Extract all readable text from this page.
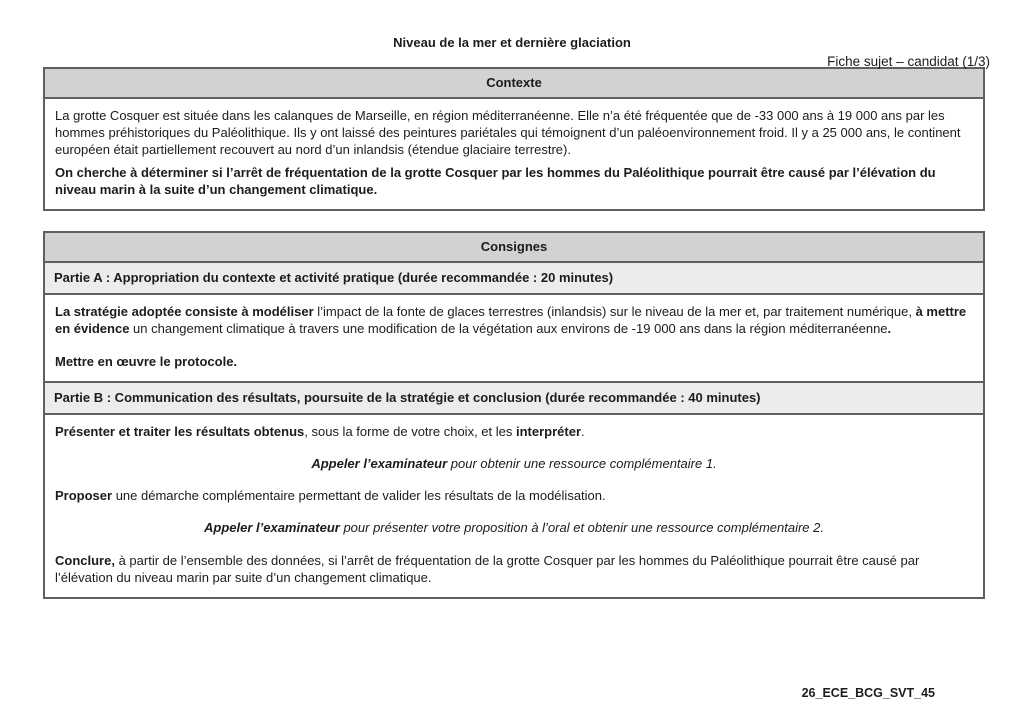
Niveau de la mer et dernière glaciation
Fiche sujet – candidat (1/3)
Contexte

La grotte Cosquer est située dans les calanques de Marseille, en région méditerranéenne. Elle n’a été fréquentée que de -33 000 ans à 19 000 ans par les hommes préhistoriques du Paléolithique. Ils y ont laissé des peintures pariétales qui témoignent d’un paléoenvironnement froid. Il y a 25 000 ans, le continent européen était partiellement recouvert au nord d’un inlandsis (étendue glaciaire terrestre).

On cherche à déterminer si l’arrêt de fréquentation de la grotte Cosquer par les hommes du Paléolithique pourrait être causé par l’élévation du niveau marin à la suite d’un changement climatique.

Consignes
Partie A : Appropriation du contexte et activité pratique (durée recommandée : 20 minutes)

La stratégie adoptée consiste à modéliser l’impact de la fonte de glaces terrestres (inlandsis) sur le niveau de la mer et, par traitement numérique, à mettre en évidence un changement climatique à travers une modification de la végétation aux environs de -19 000 ans dans la région méditerranéenne.

Mettre en œuvre le protocole.

Partie B : Communication des résultats, poursuite de la stratégie et conclusion (durée recommandée : 40 minutes)

Présenter et traiter les résultats obtenus, sous la forme de votre choix, et les interpréter.

Appeler l’examinateur pour obtenir une ressource complémentaire 1.

Proposer une démarche complémentaire permettant de valider les résultats de la modélisation.

Appeler l’examinateur pour présenter votre proposition à l’oral et obtenir une ressource complémentaire 2.

Conclure, à partir de l’ensemble des données, si l’arrêt de fréquentation de la grotte Cosquer par les hommes du Paléolithique pourrait être causé par l’élévation du niveau marin par suite d’un changement climatique.

26_ECE_BCG_SVT_45
